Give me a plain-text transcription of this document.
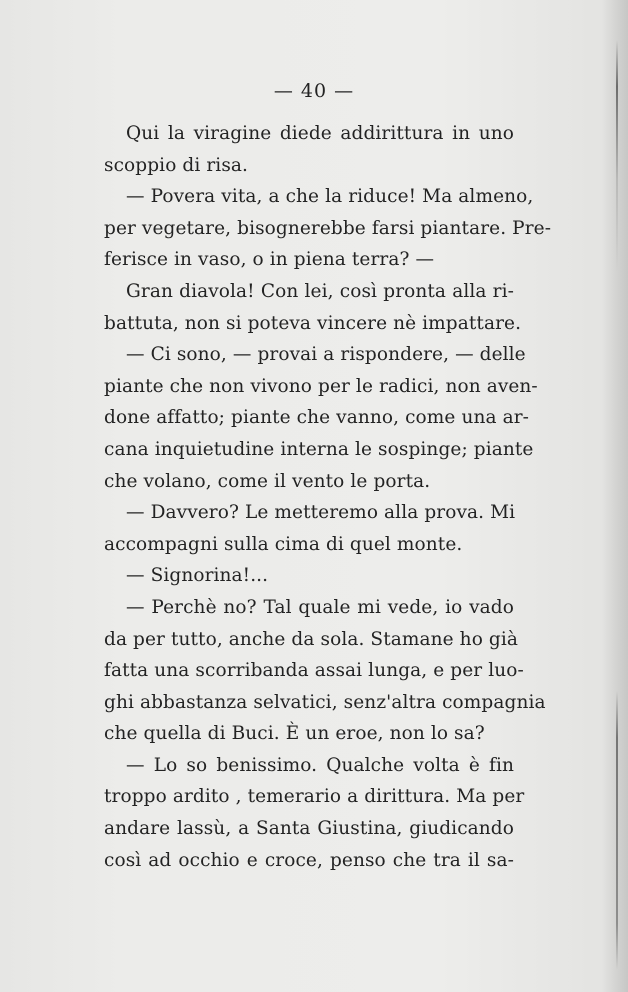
— 40 —
Qui la viragine diede addirittura in uno
scoppio di risa.
— Povera vita, a che la riduce! Ma almeno,
per vegetare, bisognerebbe farsi piantare. Pre-
ferisce in vaso, o in piena terra? —
Gran diavola! Con lei, così pronta alla ri-
battuta, non si poteva vincere nè impattare.
— Ci sono, — provai a rispondere, — delle
piante che non vivono per le radici, non aven-
done affatto; piante che vanno, come una ar-
cana inquietudine interna le sospinge; piante
che volano, come il vento le porta.
— Davvero? Le metteremo alla prova. Mi
accompagni sulla cima di quel monte.
— Signorina!...
— Perchè no? Tal quale mi vede, io vado
da per tutto, anche da sola. Stamane ho già
fatta una scorribanda assai lunga, e per luo-
ghi abbastanza selvatici, senz'altra compagnia
che quella di Buci. È un eroe, non lo sa?
— Lo so benissimo. Qualche volta è fin
troppo ardito , temerario a dirittura. Ma per
andare lassù, a Santa Giustina, giudicando
così ad occhio e croce, penso che tra il sa-
